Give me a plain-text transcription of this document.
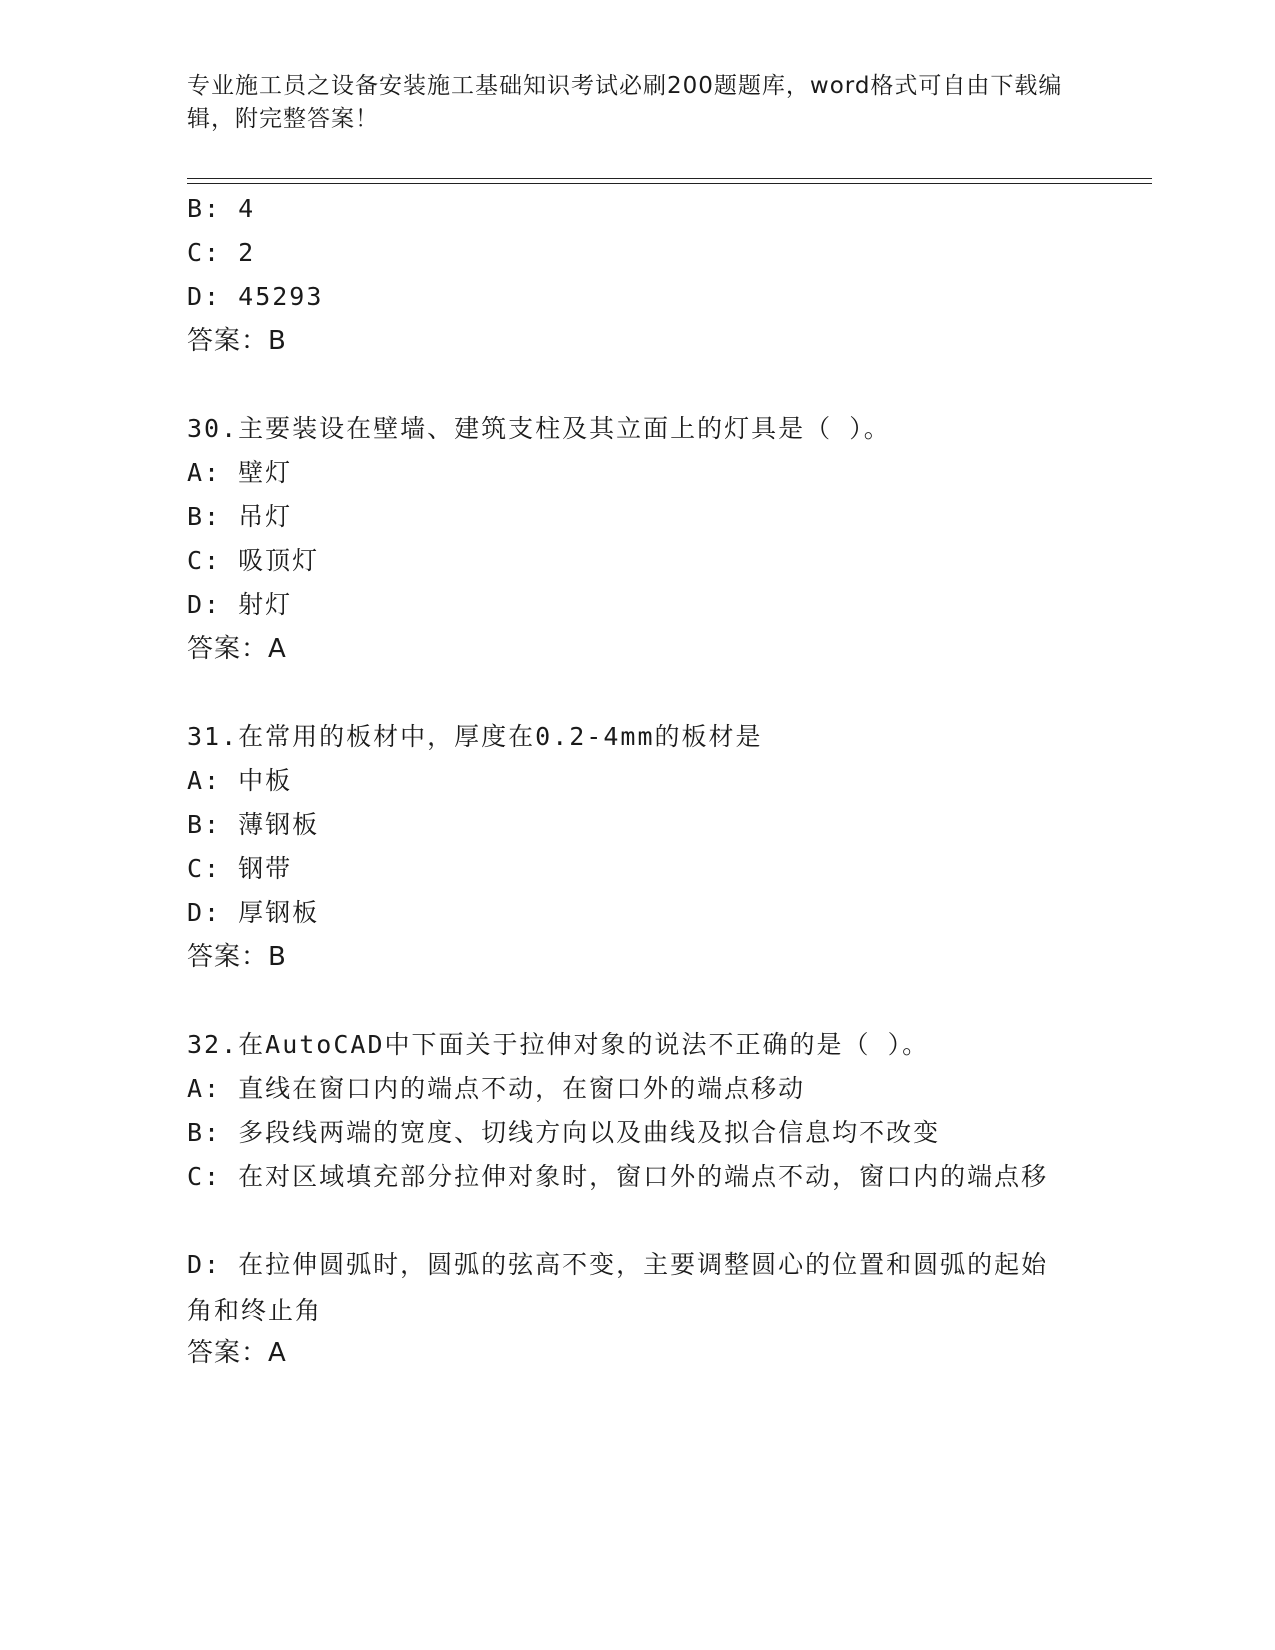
专业施工员之设备安装施工基础知识考试必刷200题题库，word格式可自由下载编辑，附完整答案！
B: 4
C: 2
D: 45293
答案：B
30.主要装设在壁墙、建筑支柱及其立面上的灯具是（ ）。
A: 壁灯
B: 吊灯
C: 吸顶灯
D: 射灯
答案：A
31.在常用的板材中，厚度在0.2-4mm的板材是
A: 中板
B: 薄钢板
C: 钢带
D: 厚钢板
答案：B
32.在AutoCAD中下面关于拉伸对象的说法不正确的是（ ）。
A: 直线在窗口内的端点不动，在窗口外的端点移动
B: 多段线两端的宽度、切线方向以及曲线及拟合信息均不改变
C: 在对区域填充部分拉伸对象时，窗口外的端点不动，窗口内的端点移
D: 在拉伸圆弧时，圆弧的弦高不变，主要调整圆心的位置和圆弧的起始角和终止角
答案：A
